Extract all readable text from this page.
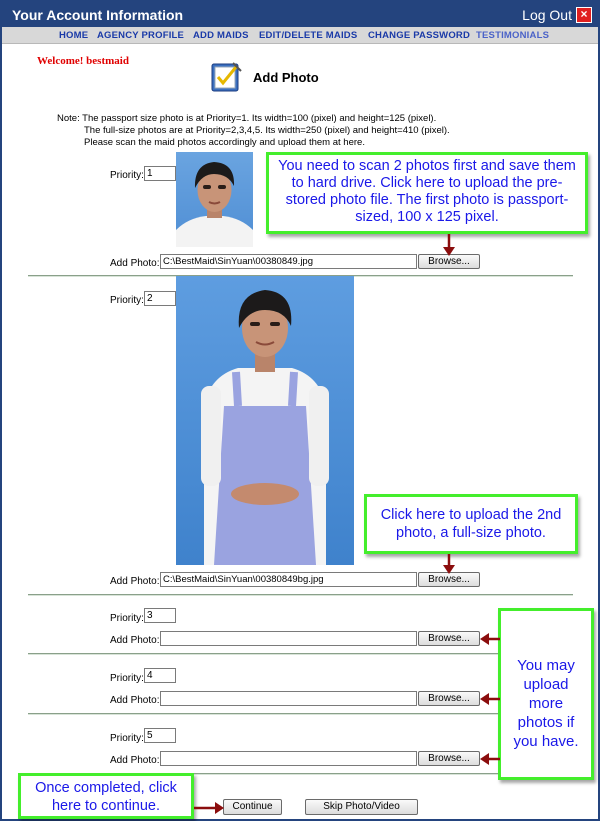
Your Account Information	Log Out ×
HOME AGENCY PROFILE ADD MAIDS EDIT/DELETE MAIDS CHANGE PASSWORD TESTIMONIALS
Welcome! bestmaid
Add Photo
Note: The passport size photo is at Priority=1. Its width=100 (pixel) and height=125 (pixel).
The full-size photos are at Priority=2,3,4,5. Its width=250 (pixel) and height=410 (pixel).
Please scan the maid photos accordingly and upload them at here.
Priority: 1
Add Photo: C:\BestMaid\SinYuan\00380849.jpg	Browse...
Priority: 2
Add Photo: C:\BestMaid\SinYuan\00380849bg.jpg	Browse...
Priority: 3
Add Photo:	Browse...
Priority: 4
Add Photo:	Browse...
Priority: 5
Add Photo:	Browse...
Continue	Skip Photo/Video
You need to scan 2 photos first and save them to hard drive. Click here to upload the pre-stored photo file. The first photo is passport-sized, 100 x 125 pixel.
Click here to upload the 2nd photo, a full-size photo.
You may upload more photos if you have.
Once completed, click here to continue.
